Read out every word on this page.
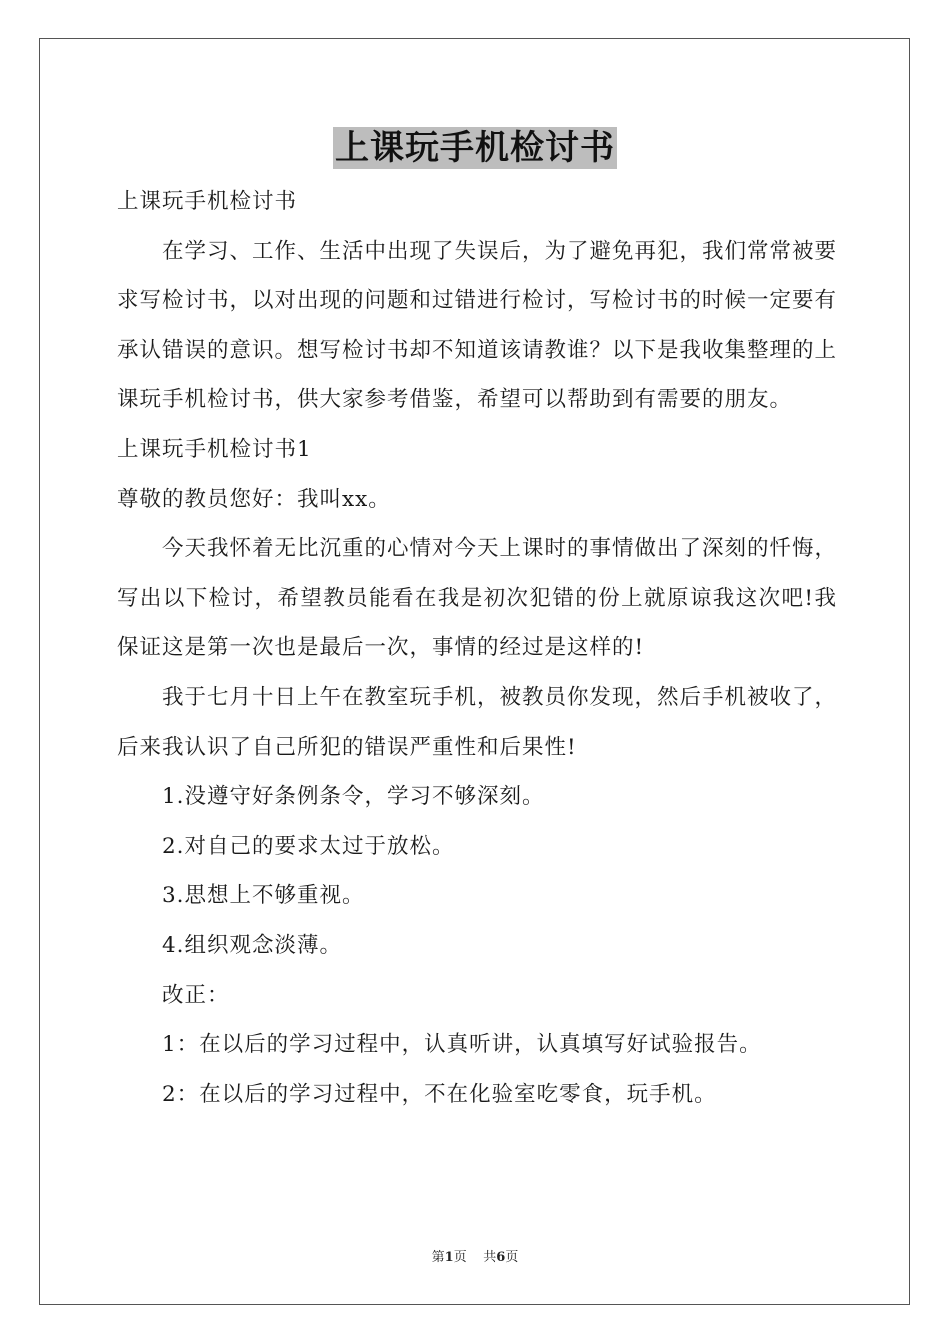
上课玩手机检讨书

上课玩手机检讨书

在学习、工作、生活中出现了失误后，为了避免再犯，我们常常被要求写检讨书，以对出现的问题和过错进行检讨，写检讨书的时候一定要有承认错误的意识。想写检讨书却不知道该请教谁？以下是我收集整理的上课玩手机检讨书，供大家参考借鉴，希望可以帮助到有需要的朋友。

上课玩手机检讨书1

尊敬的教员您好：我叫xx。

今天我怀着无比沉重的心情对今天上课时的事情做出了深刻的忏悔，写出以下检讨，希望教员能看在我是初次犯错的份上就原谅我这次吧!我保证这是第一次也是最后一次，事情的经过是这样的!

我于七月十日上午在教室玩手机，被教员你发现，然后手机被收了，后来我认识了自己所犯的错误严重性和后果性!

1.没遵守好条例条令，学习不够深刻。

2.对自己的要求太过于放松。

3.思想上不够重视。

4.组织观念淡薄。

改正：

1：在以后的学习过程中，认真听讲，认真填写好试验报告。

2：在以后的学习过程中，不在化验室吃零食，玩手机。

第1页 共6页
